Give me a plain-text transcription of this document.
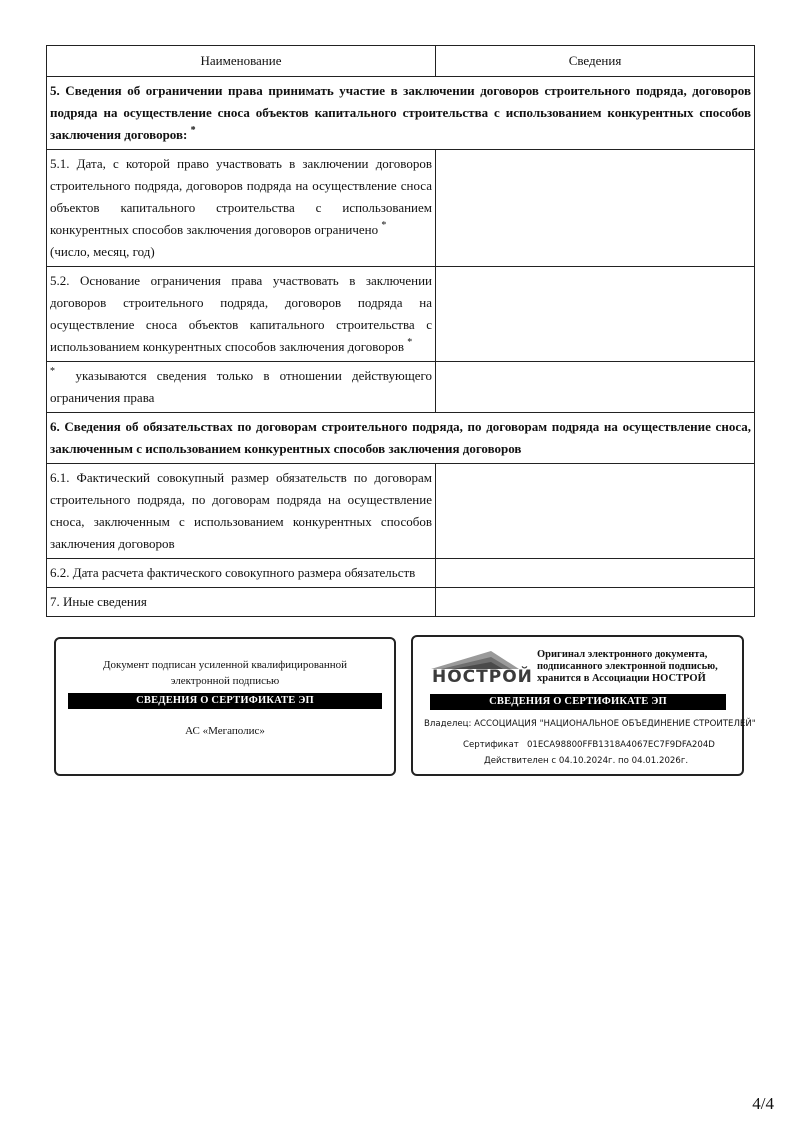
Наименование	Сведения
5. Сведения об ограничении права принимать участие в заключении договоров строительного подряда, договоров подряда на осуществление сноса объектов капитального строительства с использованием конкурентных способов заключения договоров: *
5.1. Дата, с которой право участвовать в заключении договоров строительного подряда, договоров подряда на осуществление сноса объектов капитального строительства с использованием конкурентных способов заключения договоров ограничено *
(число, месяц, год)	
5.2. Основание ограничения права участвовать в заключении договоров строительного подряда, договоров подряда на осуществление сноса объектов капитального строительства с использованием конкурентных способов заключения договоров *	
* указываются сведения только в отношении действующего ограничения права	
6. Сведения об обязательствах по договорам строительного подряда, по договорам подряда на осуществление сноса, заключенным с использованием конкурентных способов заключения договоров	
6.1. Фактический совокупный размер обязательств по договорам строительного подряда, по договорам подряда на осуществление сноса, заключенным с использованием конкурентных способов заключения договоров	
6.2. Дата расчета фактического совокупного размера обязательств	
7. Иные сведения	
Документ подписан усиленной квалифицированной
электронной подписью
СВЕДЕНИЯ О СЕРТИФИКАТЕ ЭП
АС «Мегаполис»
НОСТРОЙ
Оригинал электронного документа,
подписанного электронной подписью,
хранится в Ассоциации НОСТРОЙ
СВЕДЕНИЯ О СЕРТИФИКАТЕ ЭП
Владелец: АССОЦИАЦИЯ "НАЦИОНАЛЬНОЕ ОБЪЕДИНЕНИЕ СТРОИТЕЛЕЙ"
Сертификат 01ECA98800FFB1318A4067EC7F9DFA204D
Действителен с 04.10.2024г. по 04.01.2026г.
4/4
